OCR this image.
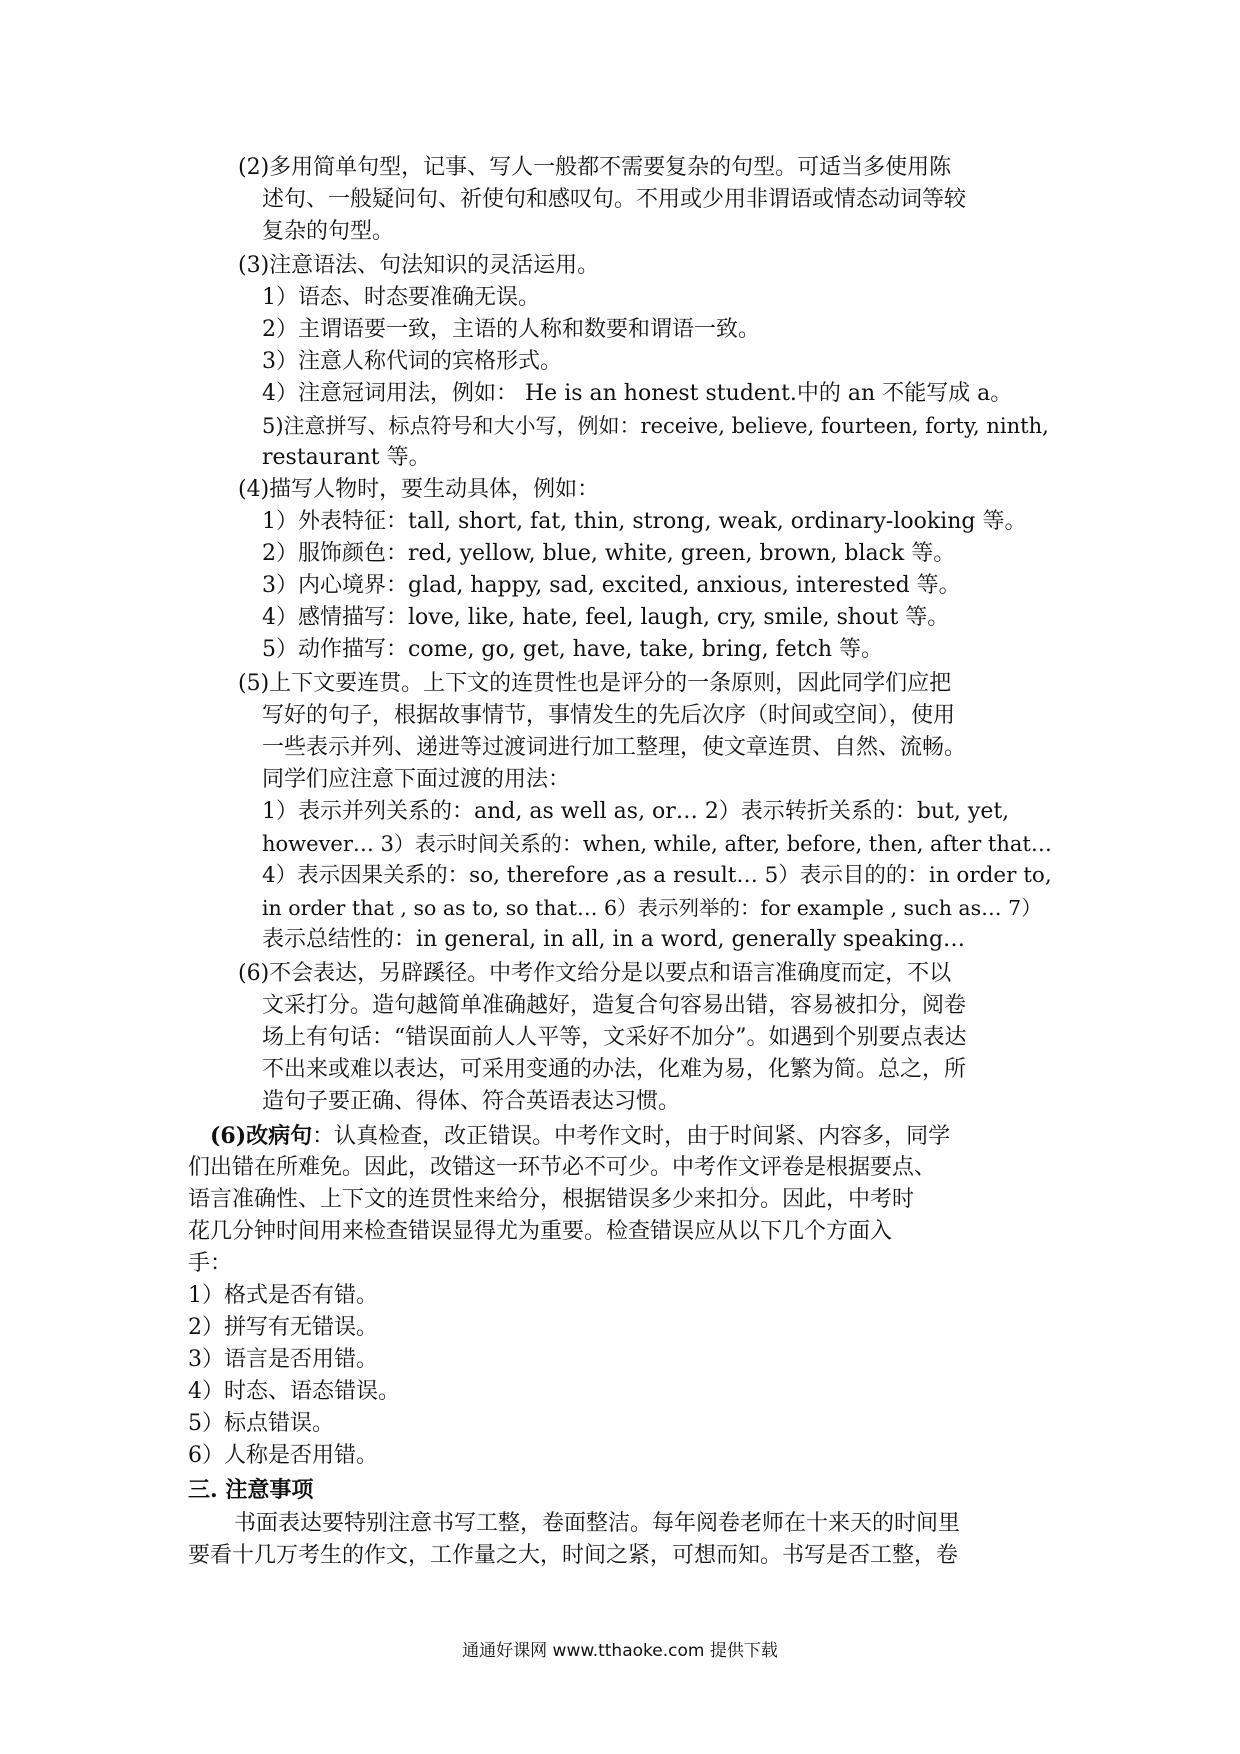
(2)多用简单句型，记事、写人一般都不需要复杂的句型。可适当多使用陈
述句、一般疑问句、祈使句和感叹句。不用或少用非谓语或情态动词等较
复杂的句型。
(3)注意语法、句法知识的灵活运用。
1）语态、时态要准确无误。
2）主谓语要一致，主语的人称和数要和谓语一致。
3）注意人称代词的宾格形式。
4）注意冠词用法，例如： He is an honest student.中的 an 不能写成 a。
5)注意拼写、标点符号和大小写，例如：receive, believe, fourteen, forty, ninth,
restaurant 等。
(4)描写人物时，要生动具体，例如：
1）外表特征：tall, short, fat, thin, strong, weak, ordinary-looking 等。
2）服饰颜色：red, yellow, blue, white, green, brown, black 等。
3）内心境界：glad, happy, sad, excited, anxious, interested 等。
4）感情描写：love, like, hate, feel, laugh, cry, smile, shout 等。
5）动作描写：come, go, get, have, take, bring, fetch 等。
(5)上下文要连贯。上下文的连贯性也是评分的一条原则，因此同学们应把
写好的句子，根据故事情节，事情发生的先后次序（时间或空间），使用
一些表示并列、递进等过渡词进行加工整理，使文章连贯、自然、流畅。
同学们应注意下面过渡的用法：
1）表示并列关系的：and, as well as, or… 2）表示转折关系的：but, yet,
however… 3）表示时间关系的：when, while, after, before, then, after that…
4）表示因果关系的：so, therefore ,as a result… 5）表示目的的：in order to,
in order that , so as to, so that… 6）表示列举的：for example , such as… 7）
表示总结性的：in general, in all, in a word, generally speaking…
(6)不会表达，另辟蹊径。中考作文给分是以要点和语言准确度而定，不以
文采打分。造句越简单准确越好，造复合句容易出错，容易被扣分，阅卷
场上有句话：“错误面前人人平等，文采好不加分”。如遇到个别要点表达
不出来或难以表达，可采用变通的办法，化难为易，化繁为简。总之，所
造句子要正确、得体、符合英语表达习惯。
(6)改病句：认真检查，改正错误。中考作文时，由于时间紧、内容多，同学
们出错在所难免。因此，改错这一环节必不可少。中考作文评卷是根据要点、
语言准确性、上下文的连贯性来给分，根据错误多少来扣分。因此，中考时
花几分钟时间用来检查错误显得尤为重要。检查错误应从以下几个方面入
手：
1）格式是否有错。
2）拼写有无错误。
3）语言是否用错。
4）时态、语态错误。
5）标点错误。
6）人称是否用错。
三. 注意事项
书面表达要特别注意书写工整，卷面整洁。每年阅卷老师在十来天的时间里
要看十几万考生的作文，工作量之大，时间之紧，可想而知。书写是否工整，卷
通通好课网 www.tthaoke.com 提供下载
